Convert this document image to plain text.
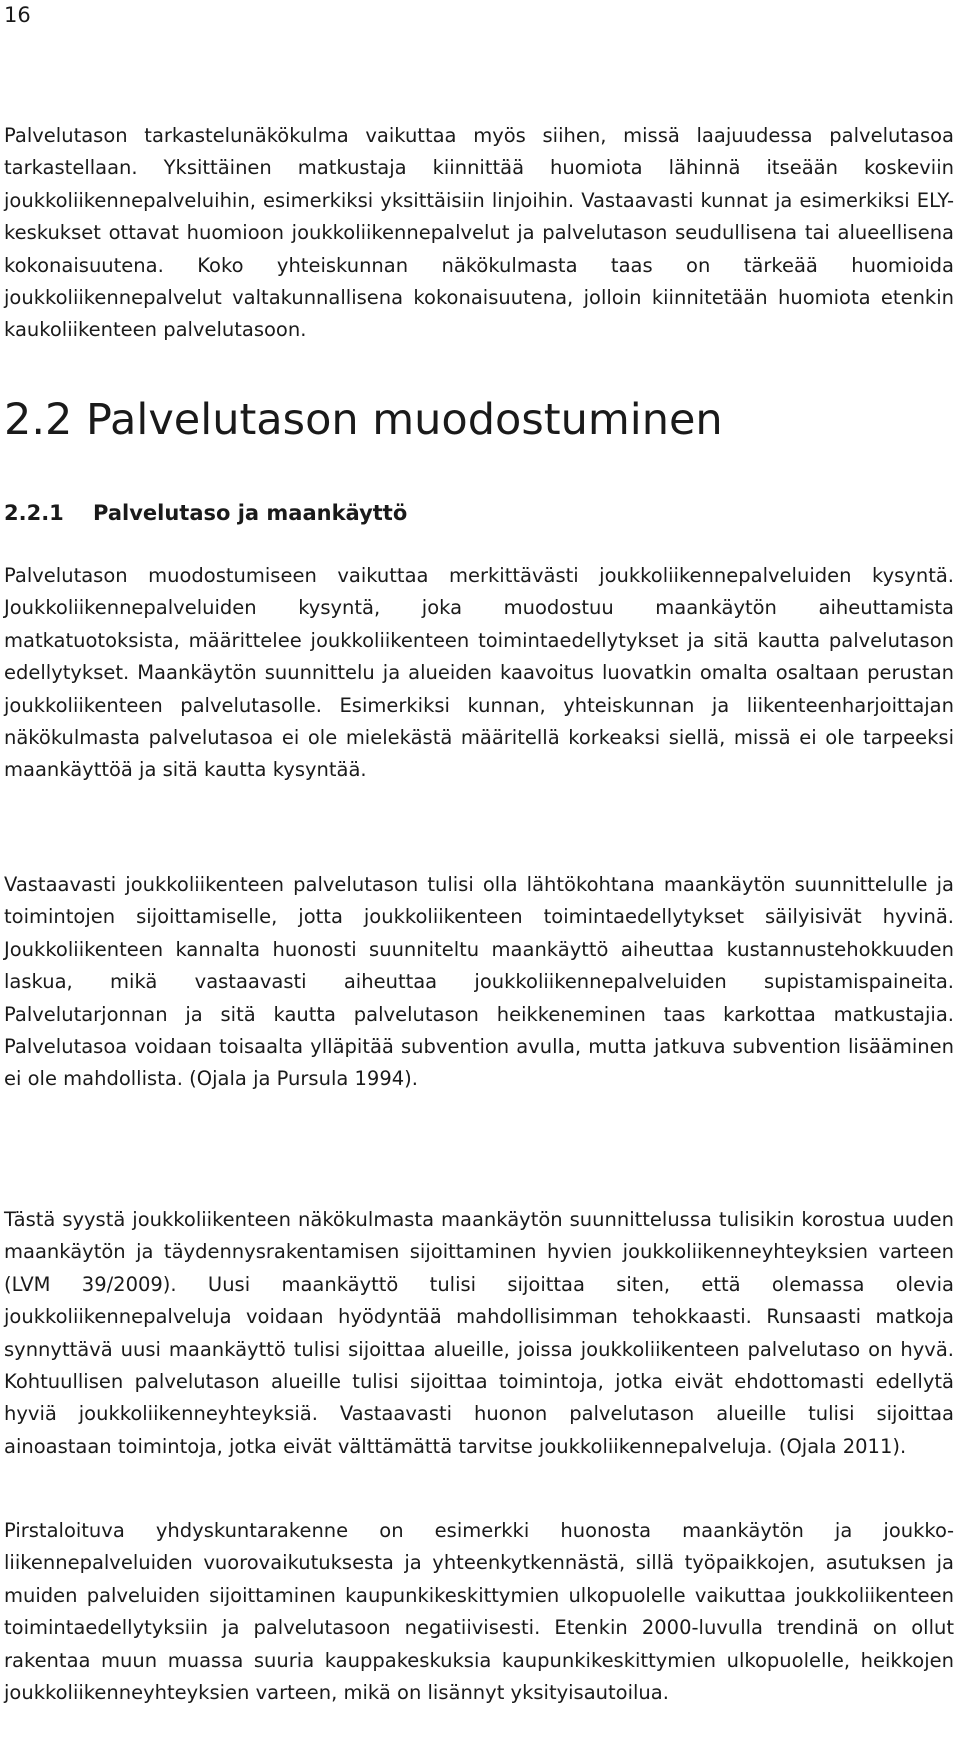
16

Palvelutason tarkastelunäkökulma vaikuttaa myös siihen, missä laajuudessa palvelutasoa tarkastellaan. Yksittäinen matkustaja kiinnittää huomiota lähinnä itseään koskeviin joukkoliikennepalveluihin, esimerkiksi yksittäisiin linjoihin. Vastaavasti kunnat ja esimerkiksi ELY-keskukset ottavat huomioon joukkoliikennepalvelut ja palvelutason seudullisena tai alueellisena kokonaisuutena. Koko yhteiskunnan näkökulmasta taas on tärkeää huomioida joukkoliikennepalvelut valtakunnallisena kokonaisuutena, jolloin kiinnitetään huomiota etenkin kaukoliikenteen palvelutasoon.

2.2 Palvelutason muodostuminen
2.2.1 Palvelutaso ja maankäyttö

Palvelutason muodostumiseen vaikuttaa merkittävästi joukkoliikennepalveluiden kysyntä. Joukkoliikennepalveluiden kysyntä, joka muodostuu maankäytön aiheuttamista matkatuotoksista, määrittelee joukkoliikenteen toimintaedellytykset ja sitä kautta palvelutason edellytykset. Maankäytön suunnittelu ja alueiden kaavoitus luovatkin omalta osaltaan perustan joukkoliikenteen palvelutasolle. Esimerkiksi kunnan, yhteiskunnan ja liikenteenharjoittajan näkökulmasta palvelutasoa ei ole mielekästä määritellä korkeaksi siellä, missä ei ole tarpeeksi maankäyttöä ja sitä kautta kysyntää.

Vastaavasti joukkoliikenteen palvelutason tulisi olla lähtökohtana maankäytön suunnittelulle ja toimintojen sijoittamiselle, jotta joukkoliikenteen toimintaedellytykset säilyisivät hyvinä. Joukkoliikenteen kannalta huonosti suunniteltu maankäyttö aiheuttaa kustannustehokkuuden laskua, mikä vastaavasti aiheuttaa joukkoliikennepalveluiden supistamispaineita. Palvelutarjonnan ja sitä kautta palvelutason heikkeneminen taas karkottaa matkustajia. Palvelutasoa voidaan toisaalta ylläpitää subvention avulla, mutta jatkuva subvention lisääminen ei ole mahdollista. (Ojala ja Pursula 1994).

Tästä syystä joukkoliikenteen näkökulmasta maankäytön suunnittelussa tulisikin korostua uuden maankäytön ja täydennysrakentamisen sijoittaminen hyvien joukkoliikenneyhteyksien varteen (LVM 39/2009). Uusi maankäyttö tulisi sijoittaa siten, että olemassa olevia joukkoliikennepalveluja voidaan hyödyntää mahdollisimman tehokkaasti. Runsaasti matkoja synnyttävä uusi maankäyttö tulisi sijoittaa alueille, joissa joukkoliikenteen palvelutaso on hyvä. Kohtuullisen palvelutason alueille tulisi sijoittaa toimintoja, jotka eivät ehdottomasti edellytä hyviä joukkoliikenneyhteyksiä. Vastaavasti huonon palvelutason alueille tulisi sijoittaa ainoastaan toimintoja, jotka eivät välttämättä tarvitse joukkoliikennepalveluja. (Ojala 2011).

Pirstaloituva yhdyskuntarakenne on esimerkki huonosta maankäytön ja joukkoliikennepalveluiden vuorovaikutuksesta ja yhteenkytkennästä, sillä työpaikkojen, asutuksen ja muiden palveluiden sijoittaminen kaupunkikeskittymien ulkopuolelle vaikuttaa joukkoliikenteen toimintaedellytyksiin ja palvelutasoon negatiivisesti. Etenkin 2000-luvulla trendinä on ollut rakentaa muun muassa suuria kauppakeskuksia kaupunkikeskittymien ulkopuolelle, heikkojen joukkoliikenneyhteyksien varteen, mikä on lisännyt yksityisautoilua.
